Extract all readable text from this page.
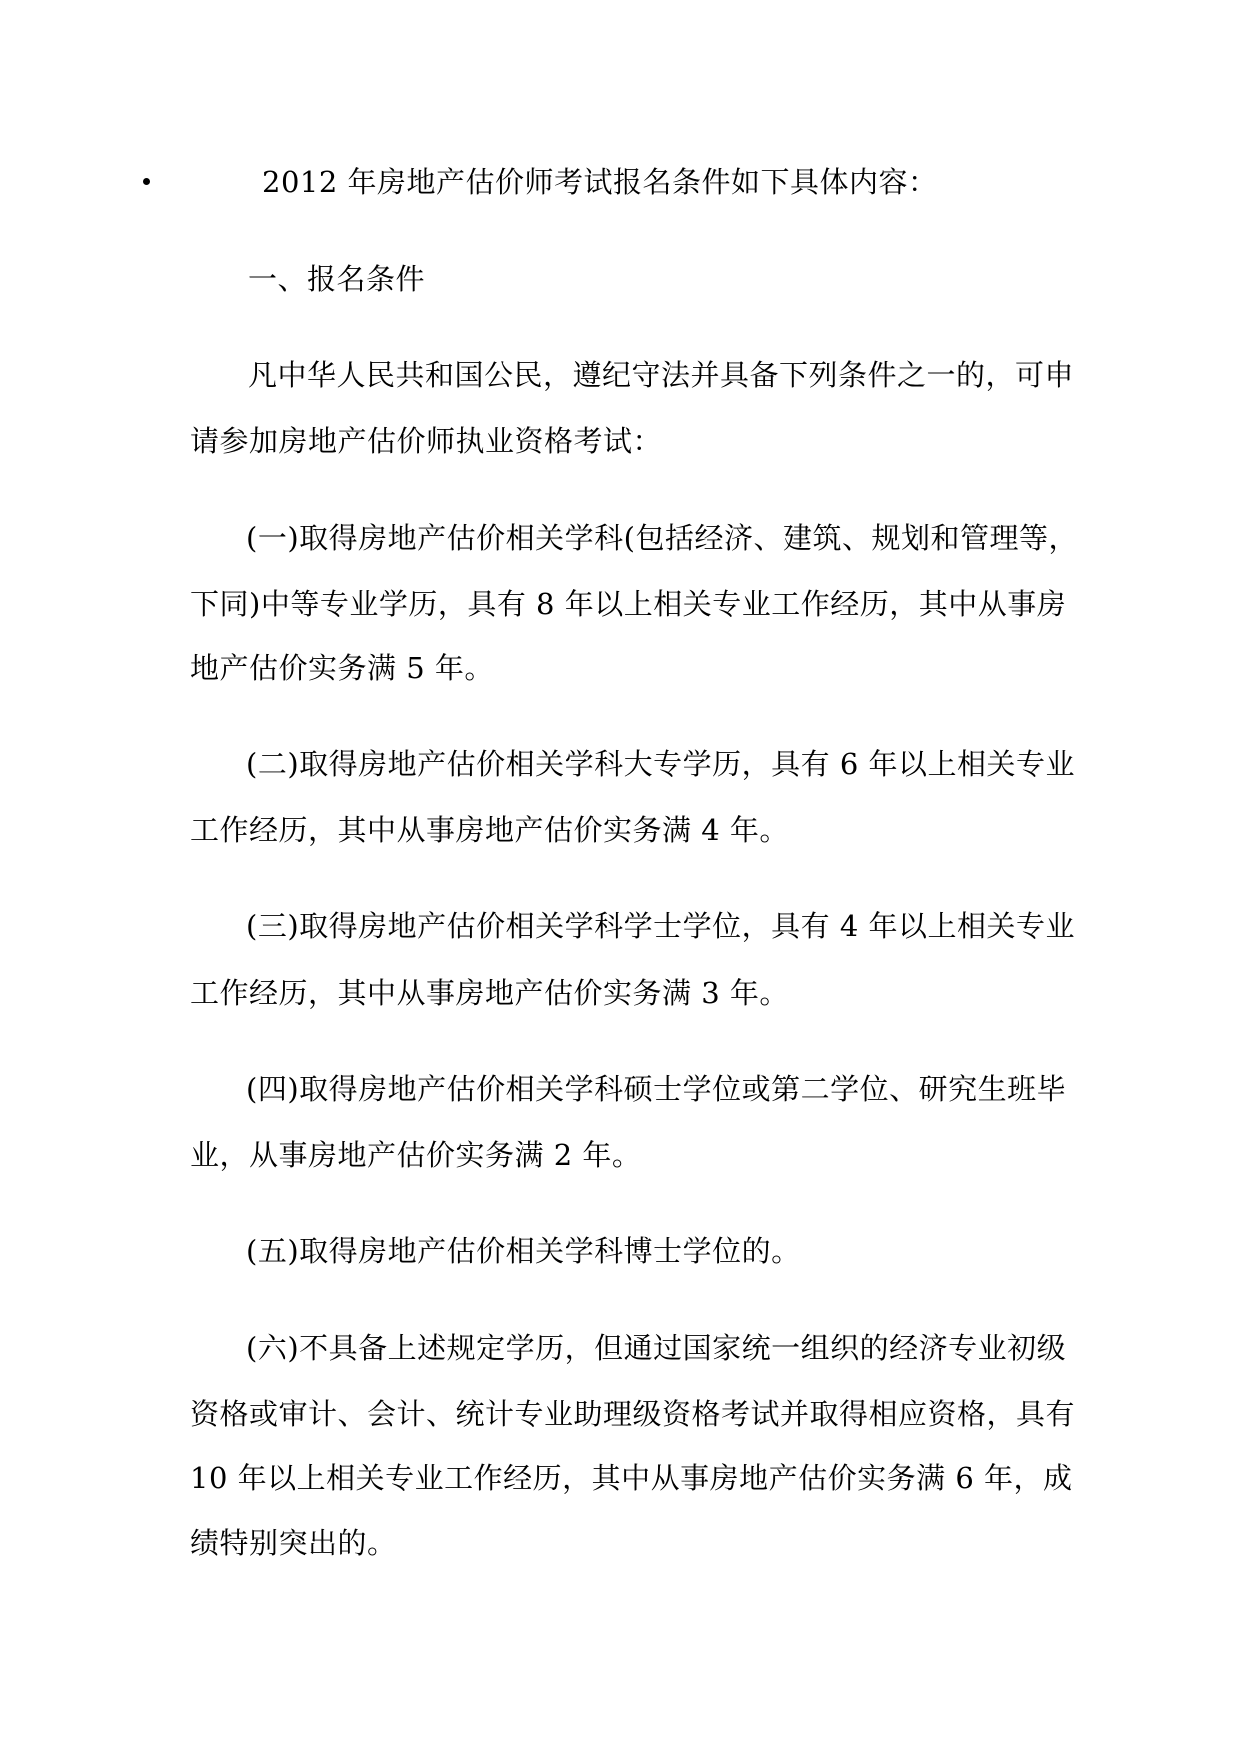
2012 年房地产估价师考试报名条件如下具体内容：
一、报名条件
凡中华人民共和国公民，遵纪守法并具备下列条件之一的，可申
请参加房地产估价师执业资格考试：
(一)取得房地产估价相关学科(包括经济、建筑、规划和管理等，
下同)中等专业学历，具有 8 年以上相关专业工作经历，其中从事房
地产估价实务满 5 年。
(二)取得房地产估价相关学科大专学历，具有 6 年以上相关专业
工作经历，其中从事房地产估价实务满 4 年。
(三)取得房地产估价相关学科学士学位，具有 4 年以上相关专业
工作经历，其中从事房地产估价实务满 3 年。
(四)取得房地产估价相关学科硕士学位或第二学位、研究生班毕
业，从事房地产估价实务满 2 年。
(五)取得房地产估价相关学科博士学位的。
(六)不具备上述规定学历，但通过国家统一组织的经济专业初级
资格或审计、会计、统计专业助理级资格考试并取得相应资格，具有
10 年以上相关专业工作经历，其中从事房地产估价实务满 6 年，成
绩特别突出的。
